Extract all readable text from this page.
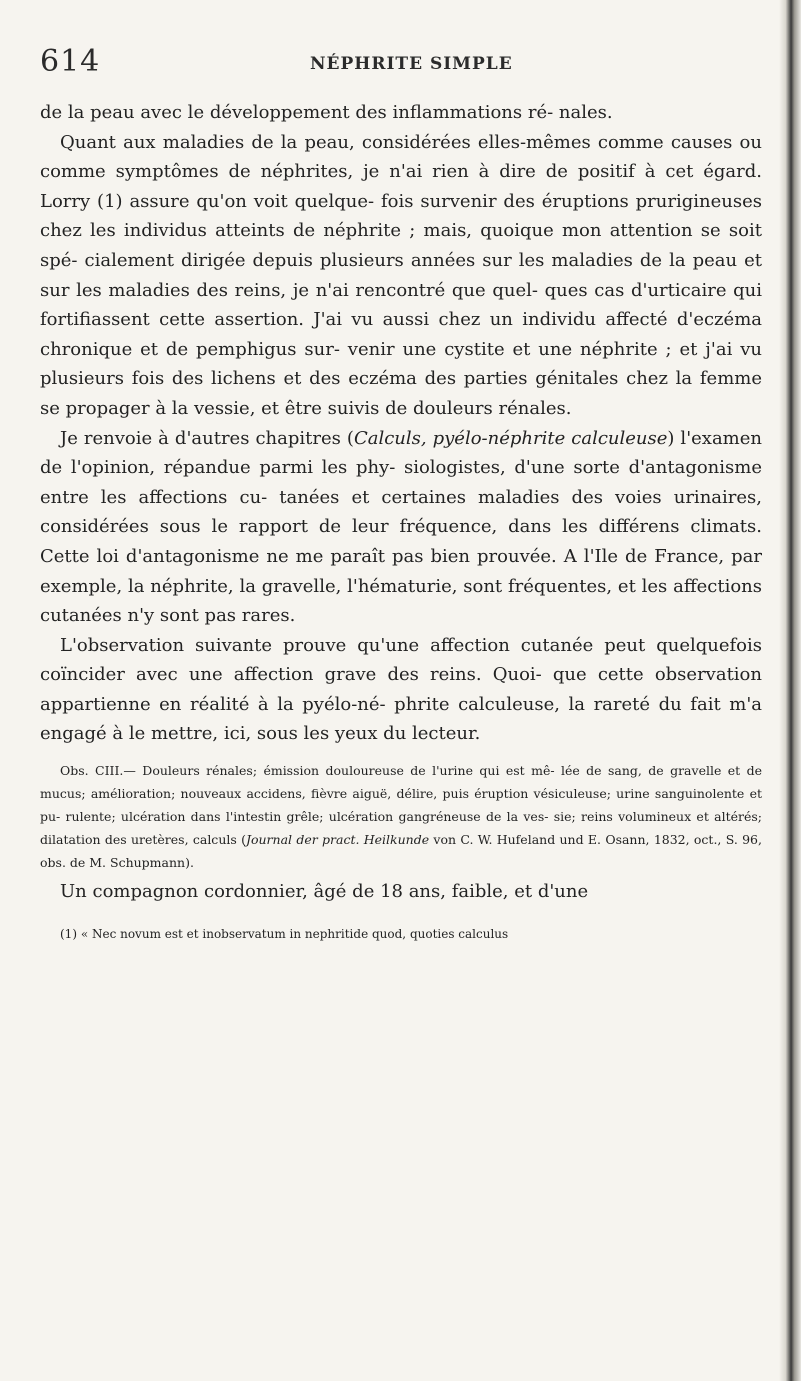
614	NÉPHRITE SIMPLE

de la peau avec le développement des inflammations ré- nales.

Quant aux maladies de la peau, considérées elles-mêmes comme causes ou comme symptômes de néphrites, je n'ai rien à dire de positif à cet égard. Lorry (1) assure qu'on voit quelque- fois survenir des éruptions prurigineuses chez les individus atteints de néphrite ; mais, quoique mon attention se soit spé- cialement dirigée depuis plusieurs années sur les maladies de la peau et sur les maladies des reins, je n'ai rencontré que quel- ques cas d'urticaire qui fortifiassent cette assertion. J'ai vu aussi chez un individu affecté d'eczéma chronique et de pemphigus sur- venir une cystite et une néphrite ; et j'ai vu plusieurs fois des lichens et des eczéma des parties génitales chez la femme se propager à la vessie, et être suivis de douleurs rénales.

Je renvoie à d'autres chapitres (Calculs, pyélo-néphrite calculeuse) l'examen de l'opinion, répandue parmi les phy- siologistes, d'une sorte d'antagonisme entre les affections cu- tanées et certaines maladies des voies urinaires, considérées sous le rapport de leur fréquence, dans les différens climats. Cette loi d'antagonisme ne me paraît pas bien prouvée. A l'Ile de France, par exemple, la néphrite, la gravelle, l'hématurie, sont fréquentes, et les affections cutanées n'y sont pas rares.

L'observation suivante prouve qu'une affection cutanée peut quelquefois coïncider avec une affection grave des reins. Quoi- que cette observation appartienne en réalité à la pyélo-né- phrite calculeuse, la rareté du fait m'a engagé à le mettre, ici, sous les yeux du lecteur.

Obs. CIII.— Douleurs rénales; émission douloureuse de l'urine qui est mê- lée de sang, de gravelle et de mucus; amélioration; nouveaux accidens, fièvre aiguë, délire, puis éruption vésiculeuse; urine sanguinolente et pu- rulente; ulcération dans l'intestin grêle; ulcération gangréneuse de la ves- sie; reins volumineux et altérés; dilatation des uretères, calculs (Journal der pract. Heilkunde von C. W. Hufeland und E. Osann, 1832, oct., S. 96, obs. de M. Schupmann).

Un compagnon cordonnier, âgé de 18 ans, faible, et d'une

(1) « Nec novum est et inobservatum in nephritide quod, quoties calculus
